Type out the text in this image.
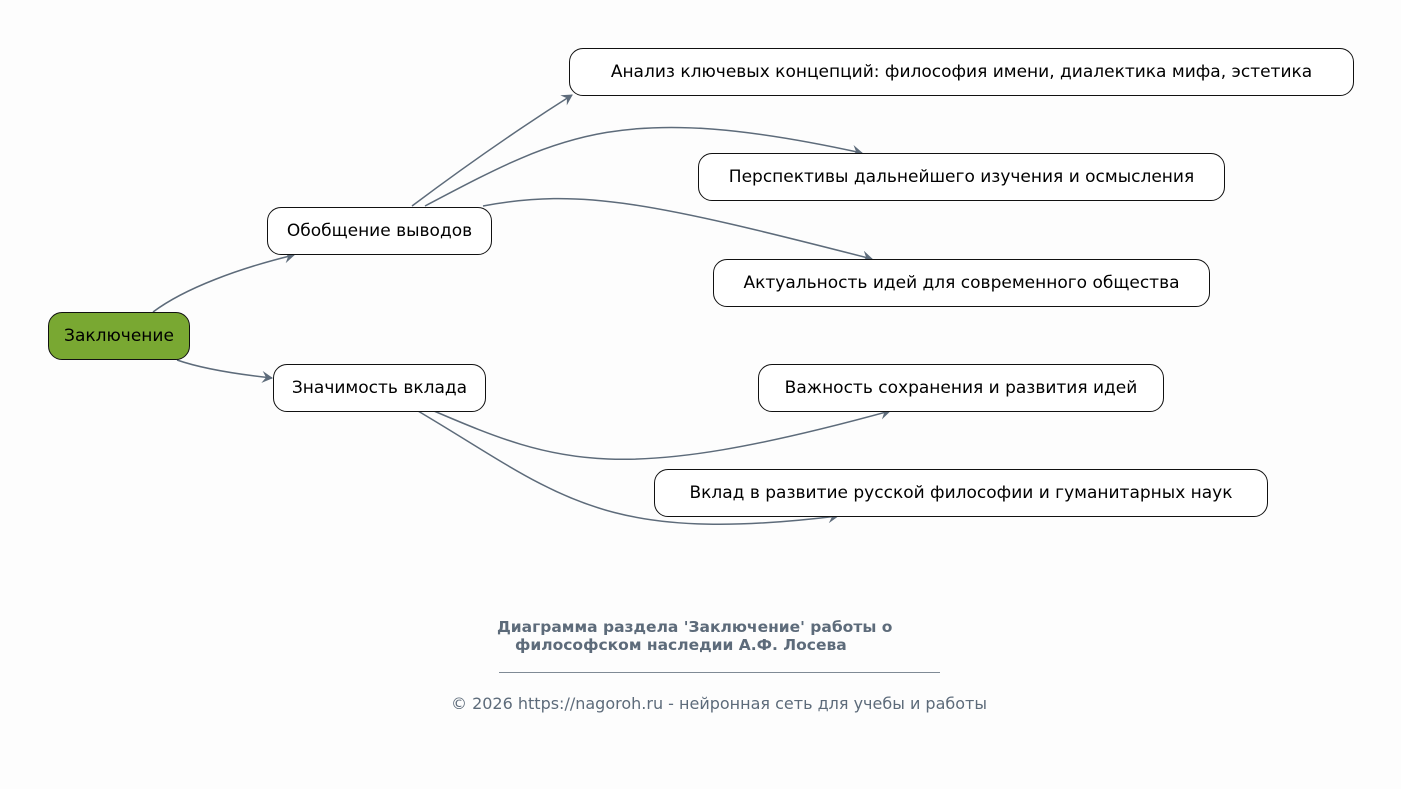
Заключение
Обобщение выводов
Значимость вклада
Анализ ключевых концепций: философия имени, диалектика мифа, эстетика
Перспективы дальнейшего изучения и осмысления
Актуальность идей для современного общества
Важность сохранения и развития идей
Вклад в развитие русской философии и гуманитарных наук
Диаграмма раздела 'Заключение' работы о
философском наследии А.Ф. Лосева
© 2026 https://nagoroh.ru - нейронная сеть для учебы и работы
